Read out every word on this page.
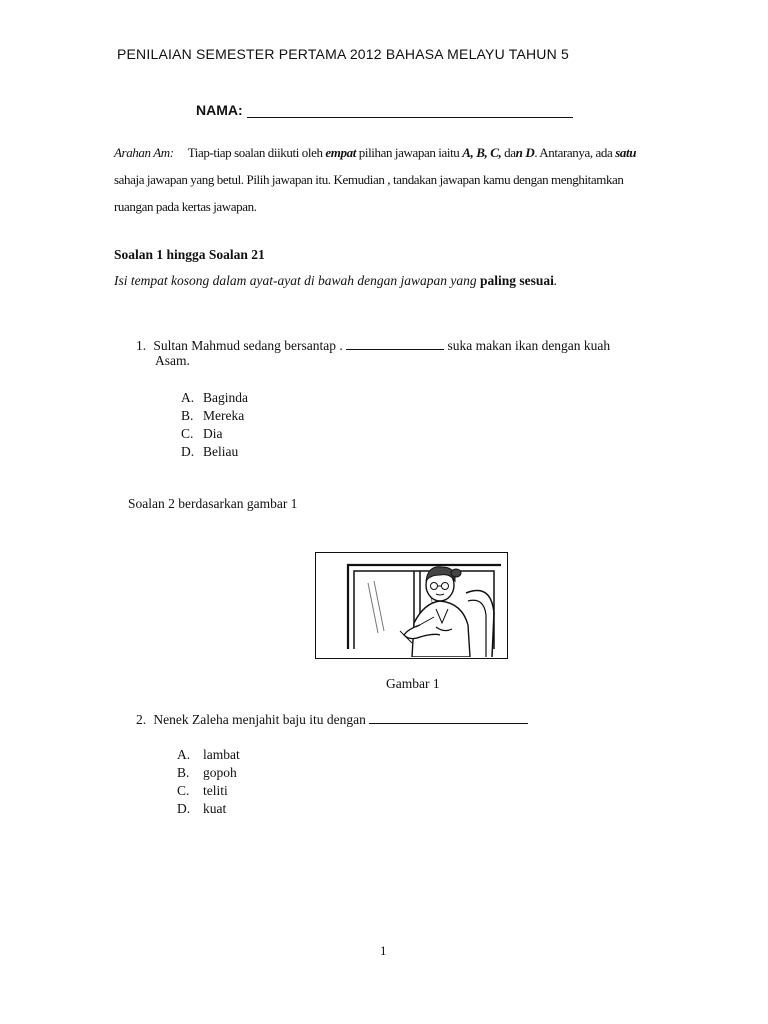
PENILAIAN SEMESTER PERTAMA 2012 BAHASA MELAYU TAHUN 5
NAMA:
Arahan Am: Tiap-tiap soalan diikuti oleh empat pilihan jawapan iaitu A, B, C, dan D. Antaranya, ada satu sahaja jawapan yang betul. Pilih jawapan itu. Kemudian , tandakan jawapan kamu dengan menghitamkan ruangan pada kertas jawapan.
Soalan 1 hingga Soalan 21
Isi tempat kosong dalam ayat-ayat di bawah dengan jawapan yang paling sesuai.
1. Sultan Mahmud sedang bersantap .	suka makan ikan dengan kuah
Asam.
A. Baginda
B. Mereka
C. Dia
D. Beliau
Soalan 2 berdasarkan gambar 1
Gambar 1
2. Nenek Zaleha menjahit baju itu dengan
A. lambat
B.	gopoh
C.	teliti
D. kuat
1
